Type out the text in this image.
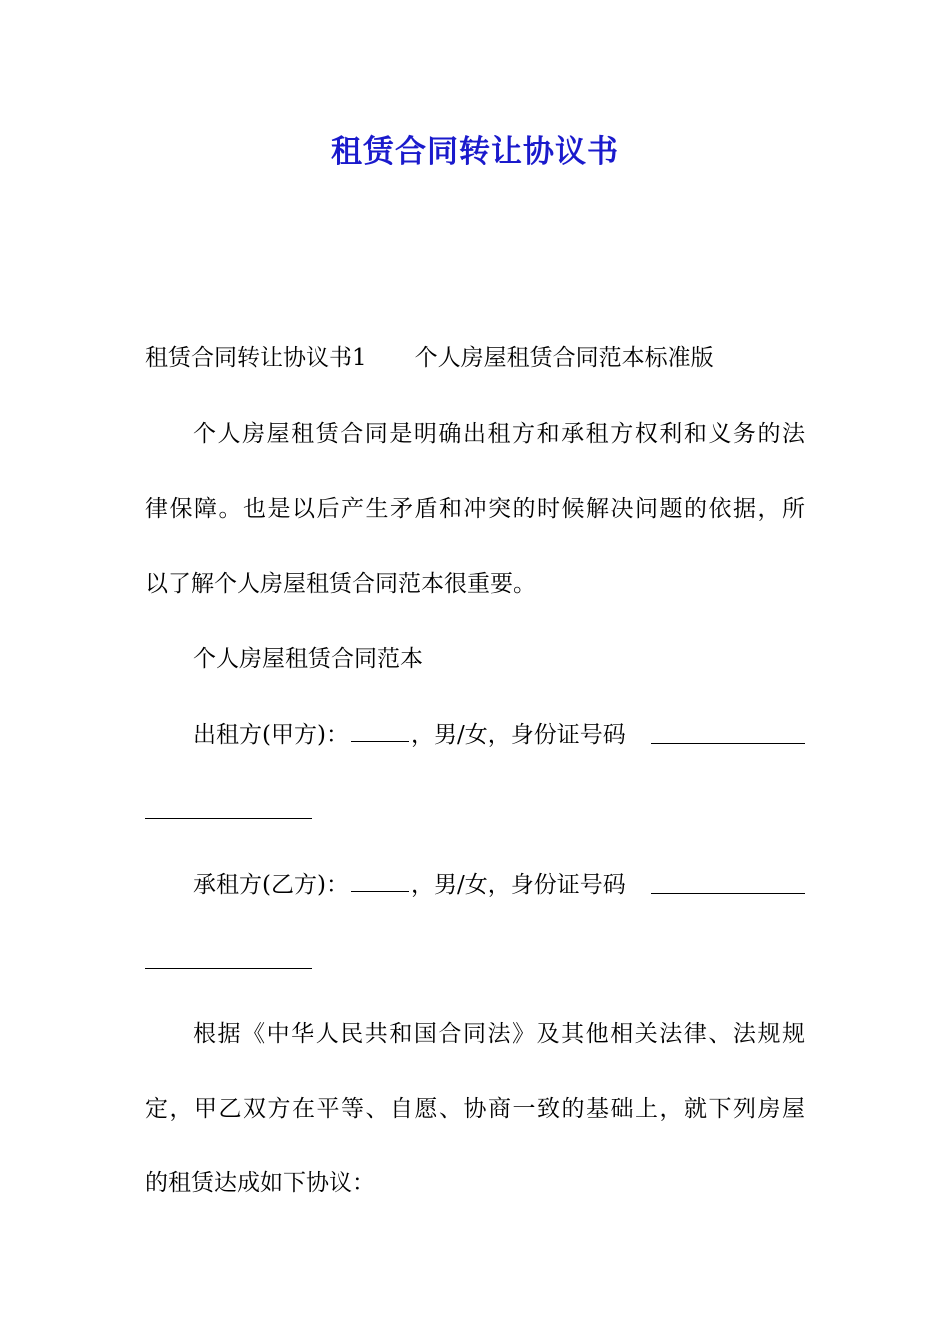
租赁合同转让协议书
租赁合同转让协议书1 个人房屋租赁合同范本标准版
个人房屋租赁合同是明确出租方和承租方权利和义务的法
律保障。也是以后产生矛盾和冲突的时候解决问题的依据，所
以了解个人房屋租赁合同范本很重要。
个人房屋租赁合同范本
出租方(甲方)：	，男/女，身份证号码
承租方(乙方)：	，男/女，身份证号码
根据《中华人民共和国合同法》及其他相关法律、法规规
定，甲乙双方在平等、自愿、协商一致的基础上，就下列房屋
的租赁达成如下协议：
